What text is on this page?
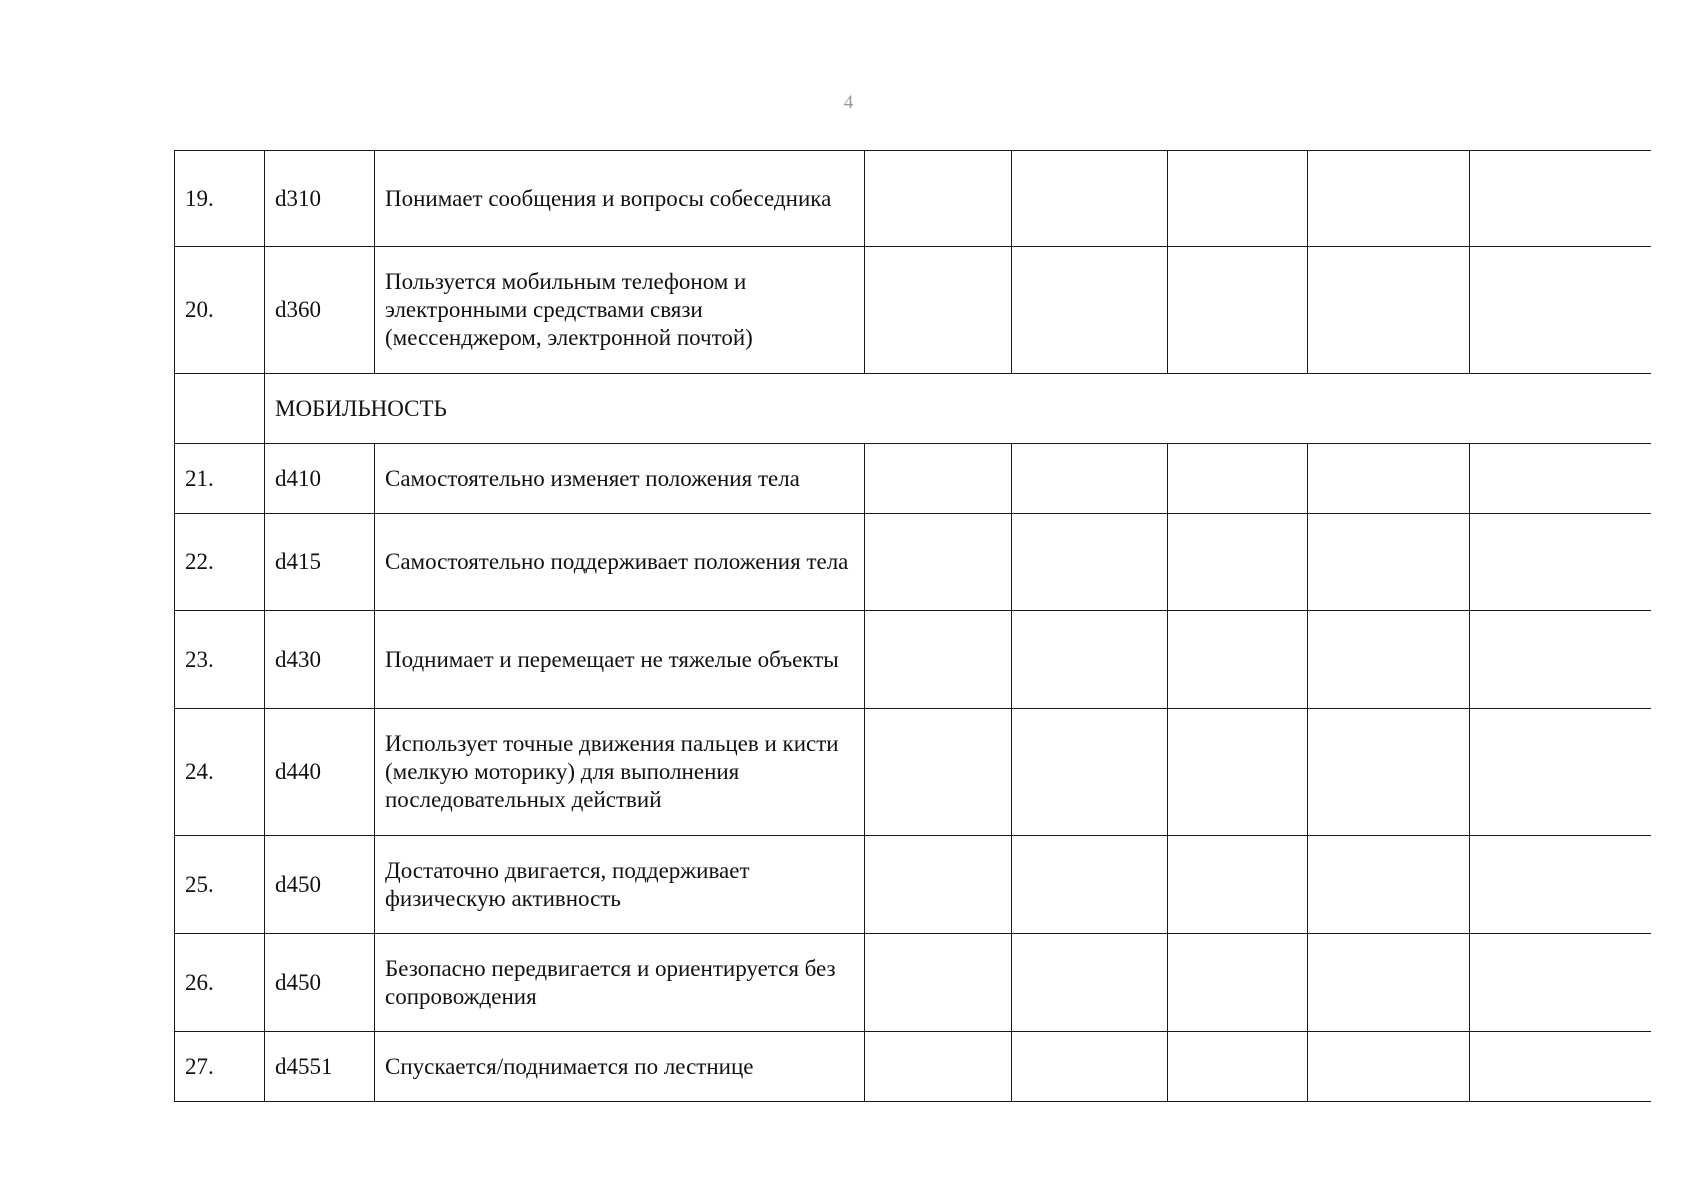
4
19.	d310	Понимает сообщения и вопросы собеседника					
20.	d360	Пользуется мобильным телефоном и электронными средствами связи (мессенджером, электронной почтой)					
	МОБИЛЬНОСТЬ						
21.	d410	Самостоятельно изменяет положения тела					
22.	d415	Самостоятельно поддерживает положения тела					
23.	d430	Поднимает и перемещает не тяжелые объекты					
24.	d440	Использует точные движения пальцев и кисти (мелкую моторику) для выполнения последовательных действий					
25.	d450	Достаточно двигается, поддерживает физическую активность					
26.	d450	Безопасно передвигается и ориентируется без сопровождения					
27.	d4551	Спускается/поднимается по лестнице					
